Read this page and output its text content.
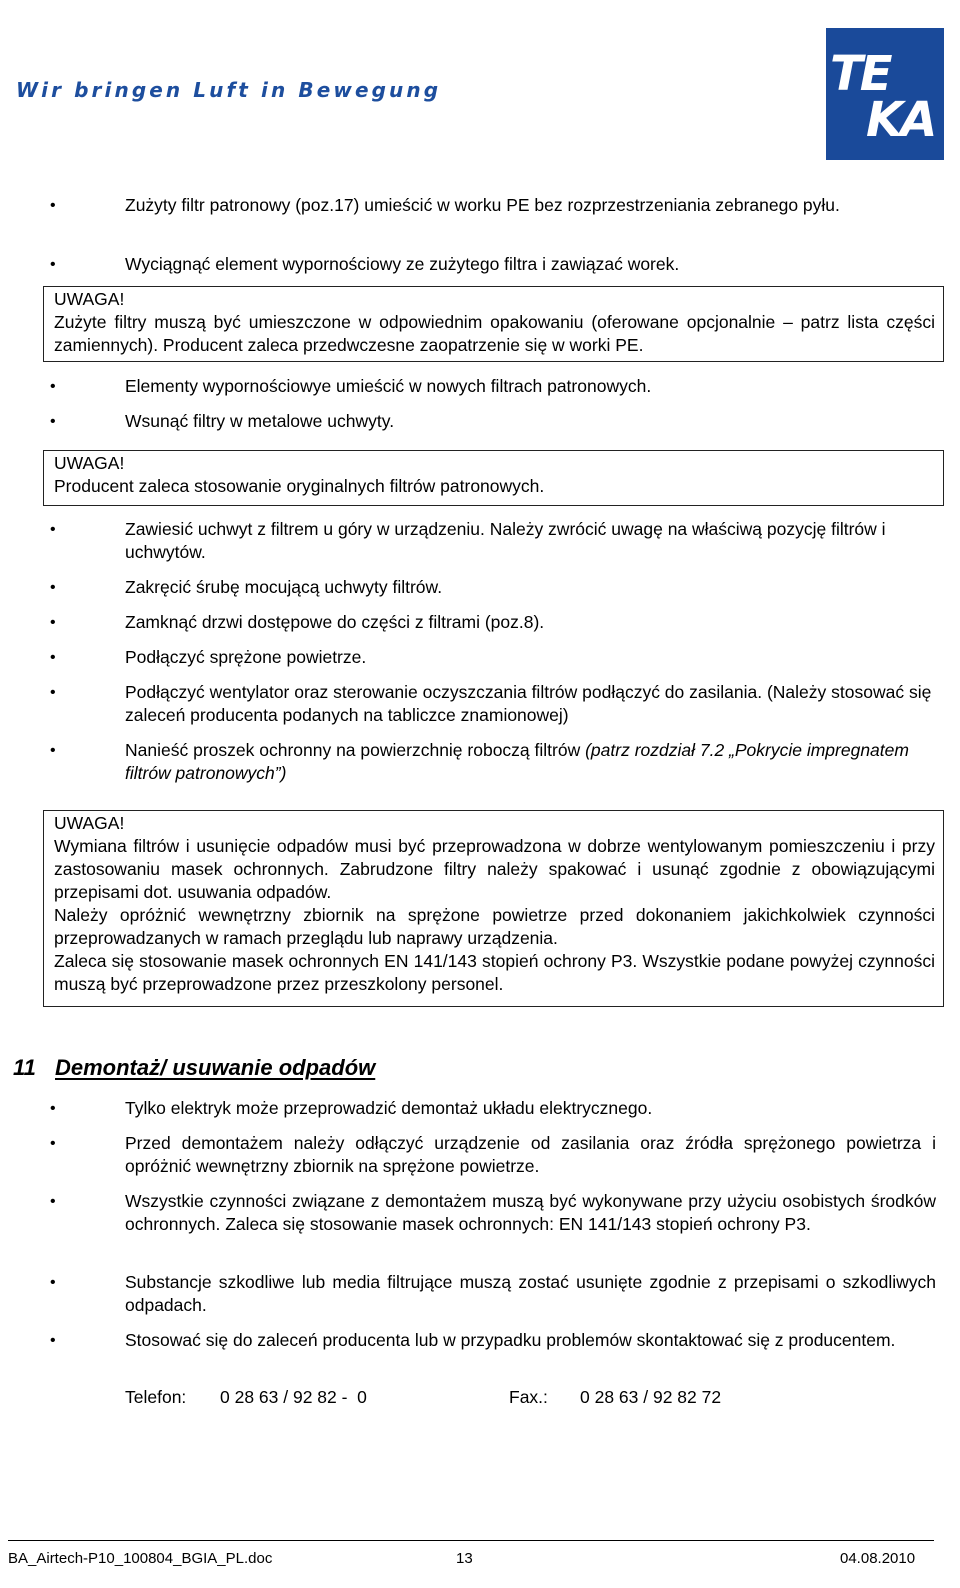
Wir bringen Luft in Bewegung	TE
KA
•	Zużyty filtr patronowy (poz.17) umieścić w worku PE bez rozprzestrzeniania zebranego pyłu.
•	Wyciągnąć element wypornościowy ze zużytego filtra i zawiązać worek.
UWAGA!
Zużyte filtry muszą być umieszczone w odpowiednim opakowaniu (oferowane opcjonalnie – patrz lista części zamiennych). Producent zaleca przedwczesne zaopatrzenie się w worki PE.
•	Elementy wypornościowye umieścić w nowych filtrach patronowych.
•	Wsunąć filtry w metalowe uchwyty.
UWAGA!
Producent zaleca stosowanie oryginalnych filtrów patronowych.
•	Zawiesić uchwyt z filtrem u góry w urządzeniu. Należy zwrócić uwagę na właściwą pozycję filtrów i uchwytów.
•	Zakręcić śrubę mocującą uchwyty filtrów.
•	Zamknąć drzwi dostępowe do części z filtrami (poz.8).
•	Podłączyć sprężone powietrze.
•	Podłączyć wentylator oraz sterowanie oczyszczania filtrów podłączyć do zasilania. (Należy stosować się zaleceń producenta podanych na tabliczce znamionowej)
•	Nanieść proszek ochronny na powierzchnię roboczą filtrów (patrz rozdział 7.2 „Pokrycie impregnatem filtrów patronowych”)
UWAGA!
Wymiana filtrów i usunięcie odpadów musi być przeprowadzona w dobrze wentylowanym pomieszczeniu i przy zastosowaniu masek ochronnych. Zabrudzone filtry należy spakować i usunąć zgodnie z obowiązującymi przepisami dot. usuwania odpadów.
Należy opróżnić wewnętrzny zbiornik na sprężone powietrze przed dokonaniem jakichkolwiek czynności przeprowadzanych w ramach przeglądu lub naprawy urządzenia.
Zaleca się stosowanie masek ochronnych EN 141/143 stopień ochrony P3. Wszystkie podane powyżej czynności muszą być przeprowadzone przez przeszkolony personel.
11 Demontaż/ usuwanie odpadów
•	Tylko elektryk może przeprowadzić demontaż układu elektrycznego.
•	Przed demontażem należy odłączyć urządzenie od zasilania oraz źródła sprężonego powietrza i opróżnić wewnętrzny zbiornik na sprężone powietrze.
•	Wszystkie czynności związane z demontażem muszą być wykonywane przy użyciu osobistych środków ochronnych. Zaleca się stosowanie masek ochronnych: EN 141/143 stopień ochrony P3.
•	Substancje szkodliwe lub media filtrujące muszą zostać usunięte zgodnie z przepisami o szkodliwych odpadach.
•	Stosować się do zaleceń producenta lub w przypadku problemów skontaktować się z producentem.
Telefon: 0 28 63 / 92 82 -  0	Fax.: 0 28 63 / 92 82 72
BA_Airtech-P10_100804_BGIA_PL.doc	13	04.08.2010
